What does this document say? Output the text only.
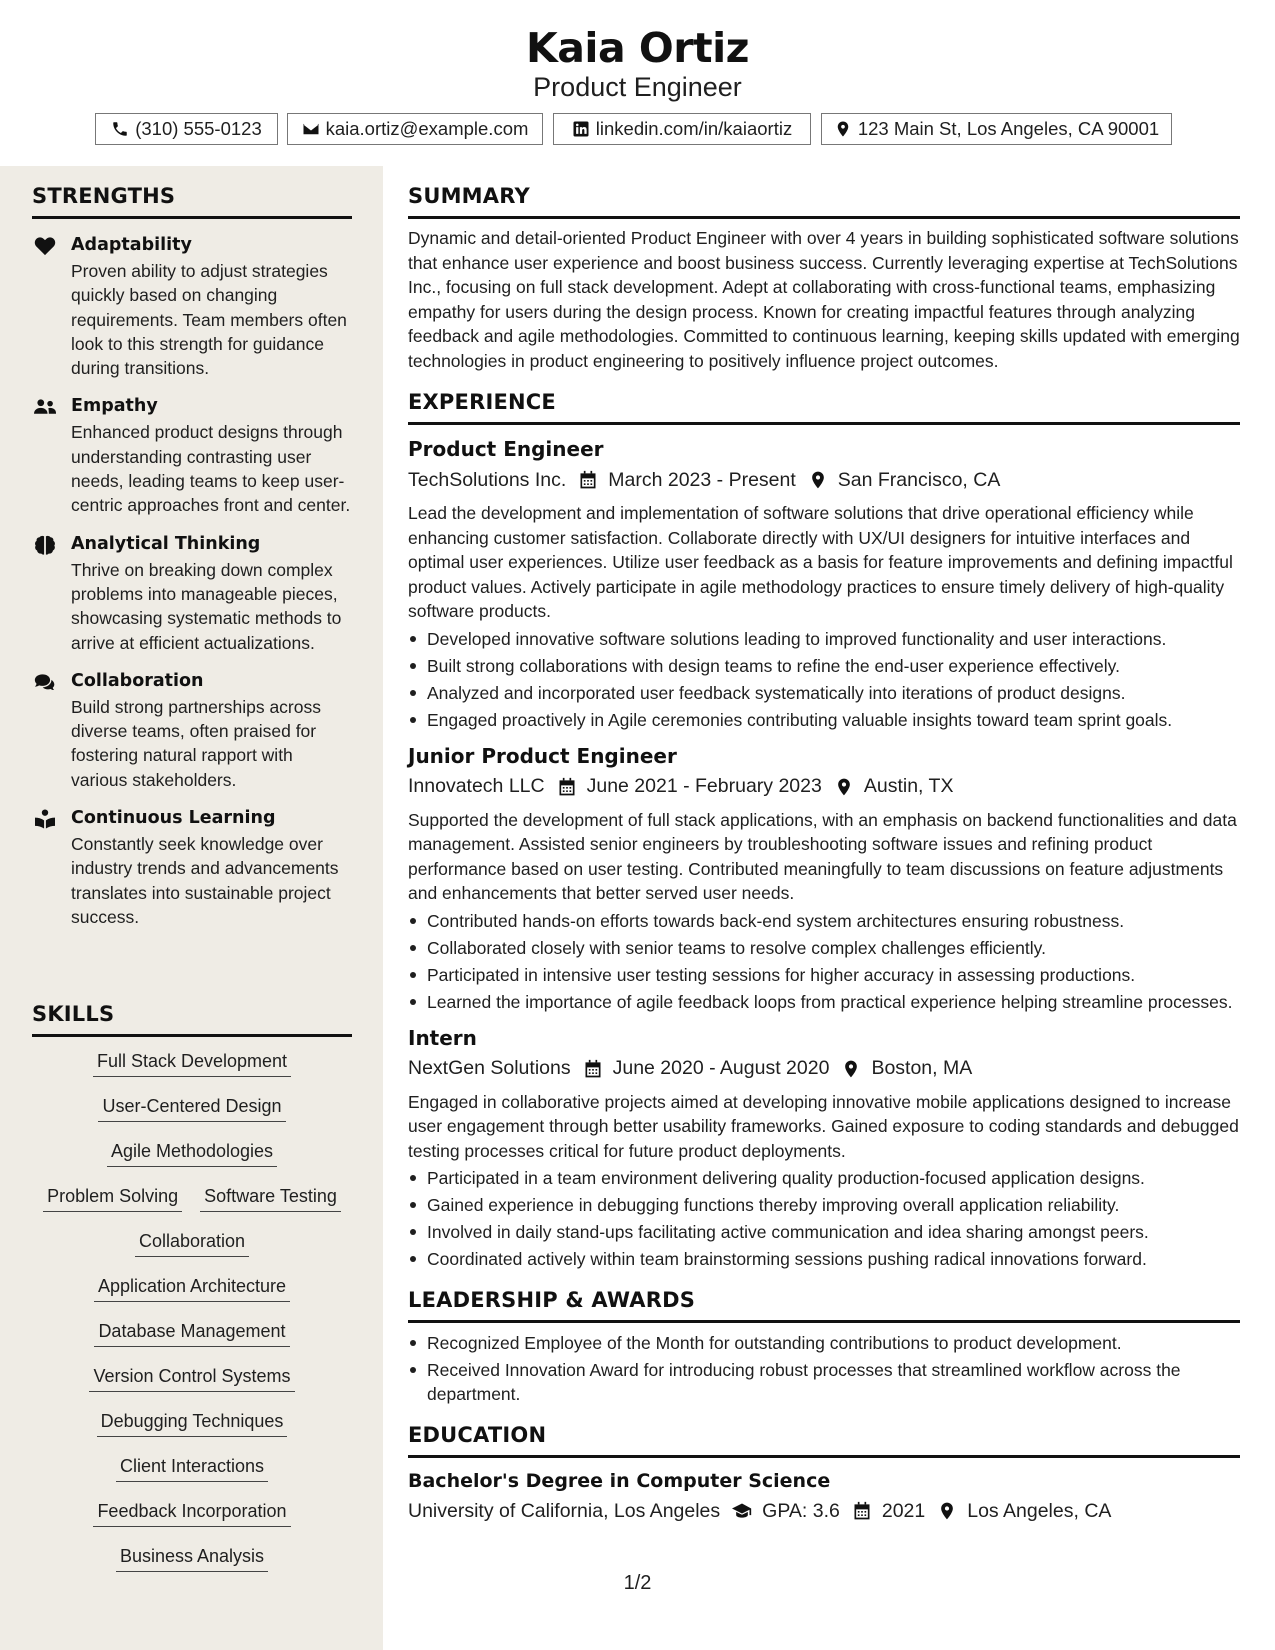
Kaia Ortiz
Product Engineer
(310) 555-0123	kaia.ortiz@example.com	linkedin.com/in/kaiaortiz	123 Main St, Los Angeles, CA 90001
STRENGTHS
Adaptability
Proven ability to adjust strategies quickly based on changing requirements. Team members often look to this strength for guidance during transitions.
Empathy
Enhanced product designs through understanding contrasting user needs, leading teams to keep user-centric approaches front and center.
Analytical Thinking
Thrive on breaking down complex problems into manageable pieces, showcasing systematic methods to arrive at efficient actualizations.
Collaboration
Build strong partnerships across diverse teams, often praised for fostering natural rapport with various stakeholders.
Continuous Learning
Constantly seek knowledge over industry trends and advancements translates into sustainable project success.
SKILLS
Full Stack Development
User-Centered Design
Agile Methodologies
Problem Solving Software Testing
Collaboration
Application Architecture
Database Management
Version Control Systems
Debugging Techniques
Client Interactions
Feedback Incorporation
Business Analysis
SUMMARY
Dynamic and detail-oriented Product Engineer with over 4 years in building sophisticated software solutions that enhance user experience and boost business success. Currently leveraging expertise at TechSolutions Inc., focusing on full stack development. Adept at collaborating with cross-functional teams, emphasizing empathy for users during the design process. Known for creating impactful features through analyzing feedback and agile methodologies. Committed to continuous learning, keeping skills updated with emerging technologies in product engineering to positively influence project outcomes.
EXPERIENCE
Product Engineer
TechSolutions Inc. March 2023 - Present San Francisco, CA
Lead the development and implementation of software solutions that drive operational efficiency while enhancing customer satisfaction. Collaborate directly with UX/UI designers for intuitive interfaces and optimal user experiences. Utilize user feedback as a basis for feature improvements and defining impactful product values. Actively participate in agile methodology practices to ensure timely delivery of high-quality software products.
Developed innovative software solutions leading to improved functionality and user interactions.
Built strong collaborations with design teams to refine the end-user experience effectively.
Analyzed and incorporated user feedback systematically into iterations of product designs.
Engaged proactively in Agile ceremonies contributing valuable insights toward team sprint goals.
Junior Product Engineer
Innovatech LLC June 2021 - February 2023 Austin, TX
Supported the development of full stack applications, with an emphasis on backend functionalities and data management. Assisted senior engineers by troubleshooting software issues and refining product performance based on user testing. Contributed meaningfully to team discussions on feature adjustments and enhancements that better served user needs.
Contributed hands-on efforts towards back-end system architectures ensuring robustness.
Collaborated closely with senior teams to resolve complex challenges efficiently.
Participated in intensive user testing sessions for higher accuracy in assessing productions.
Learned the importance of agile feedback loops from practical experience helping streamline processes.
Intern
NextGen Solutions June 2020 - August 2020 Boston, MA
Engaged in collaborative projects aimed at developing innovative mobile applications designed to increase user engagement through better usability frameworks. Gained exposure to coding standards and debugged testing processes critical for future product deployments.
Participated in a team environment delivering quality production-focused application designs.
Gained experience in debugging functions thereby improving overall application reliability.
Involved in daily stand-ups facilitating active communication and idea sharing amongst peers.
Coordinated actively within team brainstorming sessions pushing radical innovations forward.
LEADERSHIP & AWARDS
Recognized Employee of the Month for outstanding contributions to product development.
Received Innovation Award for introducing robust processes that streamlined workflow across the department.
EDUCATION
Bachelor's Degree in Computer Science
University of California, Los Angeles GPA: 3.6 2021 Los Angeles, CA
1/2
